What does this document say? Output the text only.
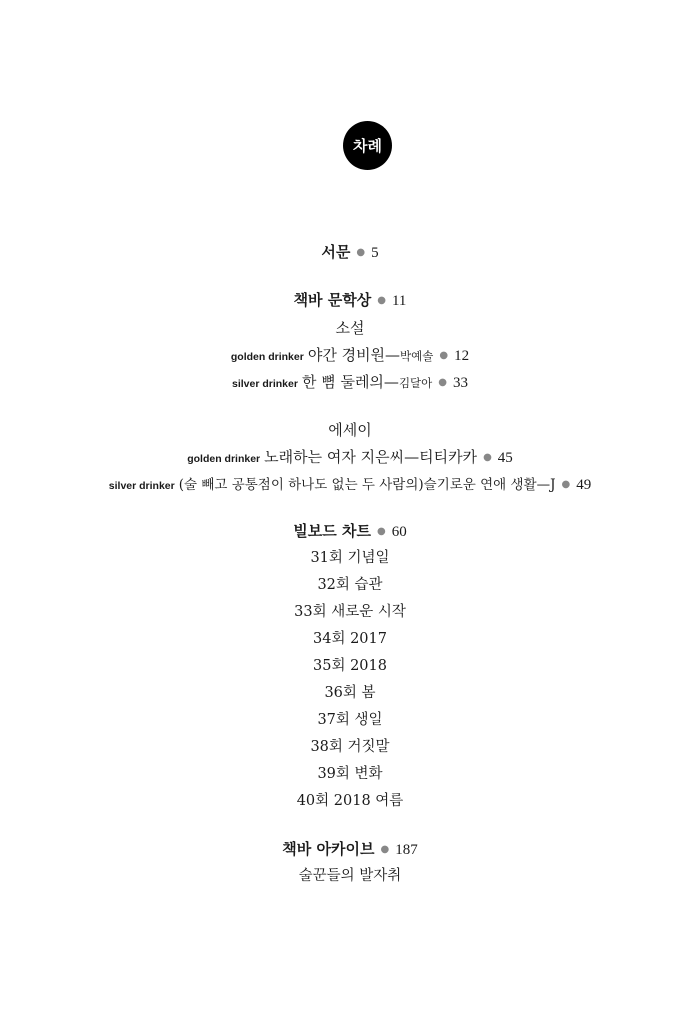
차례
서문 ● 5
책바 문학상 ● 11
소설
golden drinker 야간 경비원—박예솔 ● 12
silver drinker 한 뼘 둘레의—김달아 ● 33
에세이
golden drinker 노래하는 여자 지은씨—티티카카 ● 45
silver drinker (술 빼고 공통점이 하나도 없는 두 사람의)슬기로운 연애 생활—J ● 49
빌보드 차트 ● 60
31회 기념일
32회 습관
33회 새로운 시작
34회 2017
35회 2018
36회 봄
37회 생일
38회 거짓말
39회 변화
40회 2018 여름
책바 아카이브 ● 187
술꾼들의 발자취
